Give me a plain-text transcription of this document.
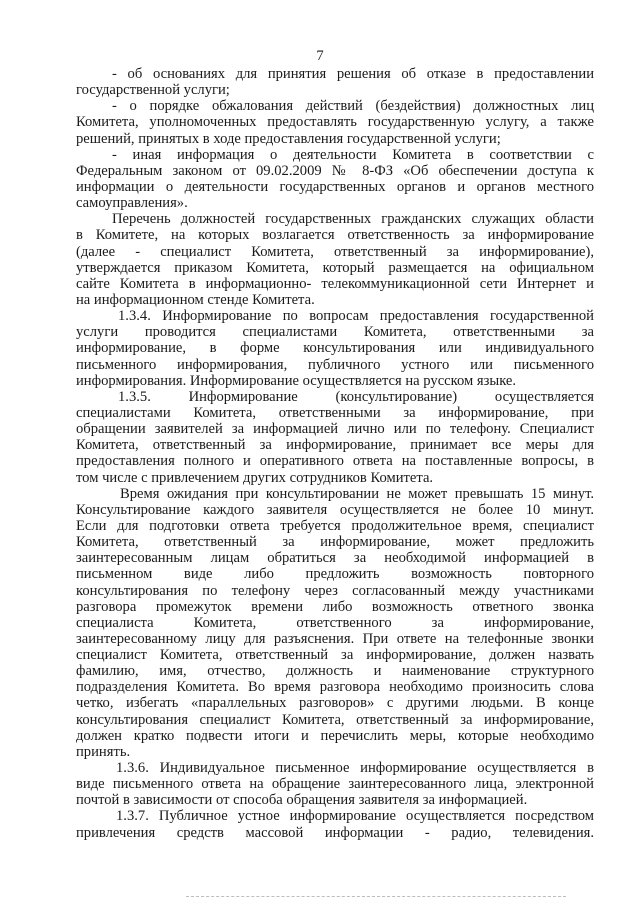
7
- об основаниях для принятия решения об отказе в предоставлении
государственной услуги;
- о порядке обжалования действий (бездействия) должностных лиц
Комитета, уполномоченных предоставлять государственную услугу, а также
решений, принятых в ходе предоставления государственной услуги;
- иная информация о деятельности Комитета в соответствии с
Федеральным законом от 09.02.2009 № 8-ФЗ «Об обеспечении доступа к
информации о деятельности государственных органов и органов местного
самоуправления».
Перечень должностей государственных гражданских служащих области
в Комитете, на которых возлагается ответственность за информирование
(далее - специалист Комитета, ответственный за информирование),
утверждается приказом Комитета, который размещается на официальном
сайте Комитета в информационно- телекоммуникационной сети Интернет и
на информационном стенде Комитета.
1.3.4. Информирование по вопросам предоставления государственной
услуги проводится специалистами Комитета, ответственными за
информирование, в форме консультирования или индивидуального
письменного информирования, публичного устного или письменного
информирования. Информирование осуществляется на русском языке.
1.3.5. Информирование (консультирование) осуществляется
специалистами Комитета, ответственными за информирование, при
обращении заявителей за информацией лично или по телефону. Специалист
Комитета, ответственный за информирование, принимает все меры для
предоставления полного и оперативного ответа на поставленные вопросы, в
том числе с привлечением других сотрудников Комитета.
Время ожидания при консультировании не может превышать 15 минут.
Консультирование каждого заявителя осуществляется не более 10 минут.
Если для подготовки ответа требуется продолжительное время, специалист
Комитета, ответственный за информирование, может предложить
заинтересованным лицам обратиться за необходимой информацией в
письменном виде либо предложить возможность повторного
консультирования по телефону через согласованный между участниками
разговора промежуток времени либо возможность ответного звонка
специалиста Комитета, ответственного за информирование,
заинтересованному лицу для разъяснения. При ответе на телефонные звонки
специалист Комитета, ответственный за информирование, должен назвать
фамилию, имя, отчество, должность и наименование структурного
подразделения Комитета. Во время разговора необходимо произносить слова
четко, избегать «параллельных разговоров» с другими людьми. В конце
консультирования специалист Комитета, ответственный за информирование,
должен кратко подвести итоги и перечислить меры, которые необходимо
принять.
1.3.6. Индивидуальное письменное информирование осуществляется в
виде письменного ответа на обращение заинтересованного лица, электронной
почтой в зависимости от способа обращения заявителя за информацией.
1.3.7. Публичное устное информирование осуществляется посредством
привлечения средств массовой информации - радио, телевидения.
